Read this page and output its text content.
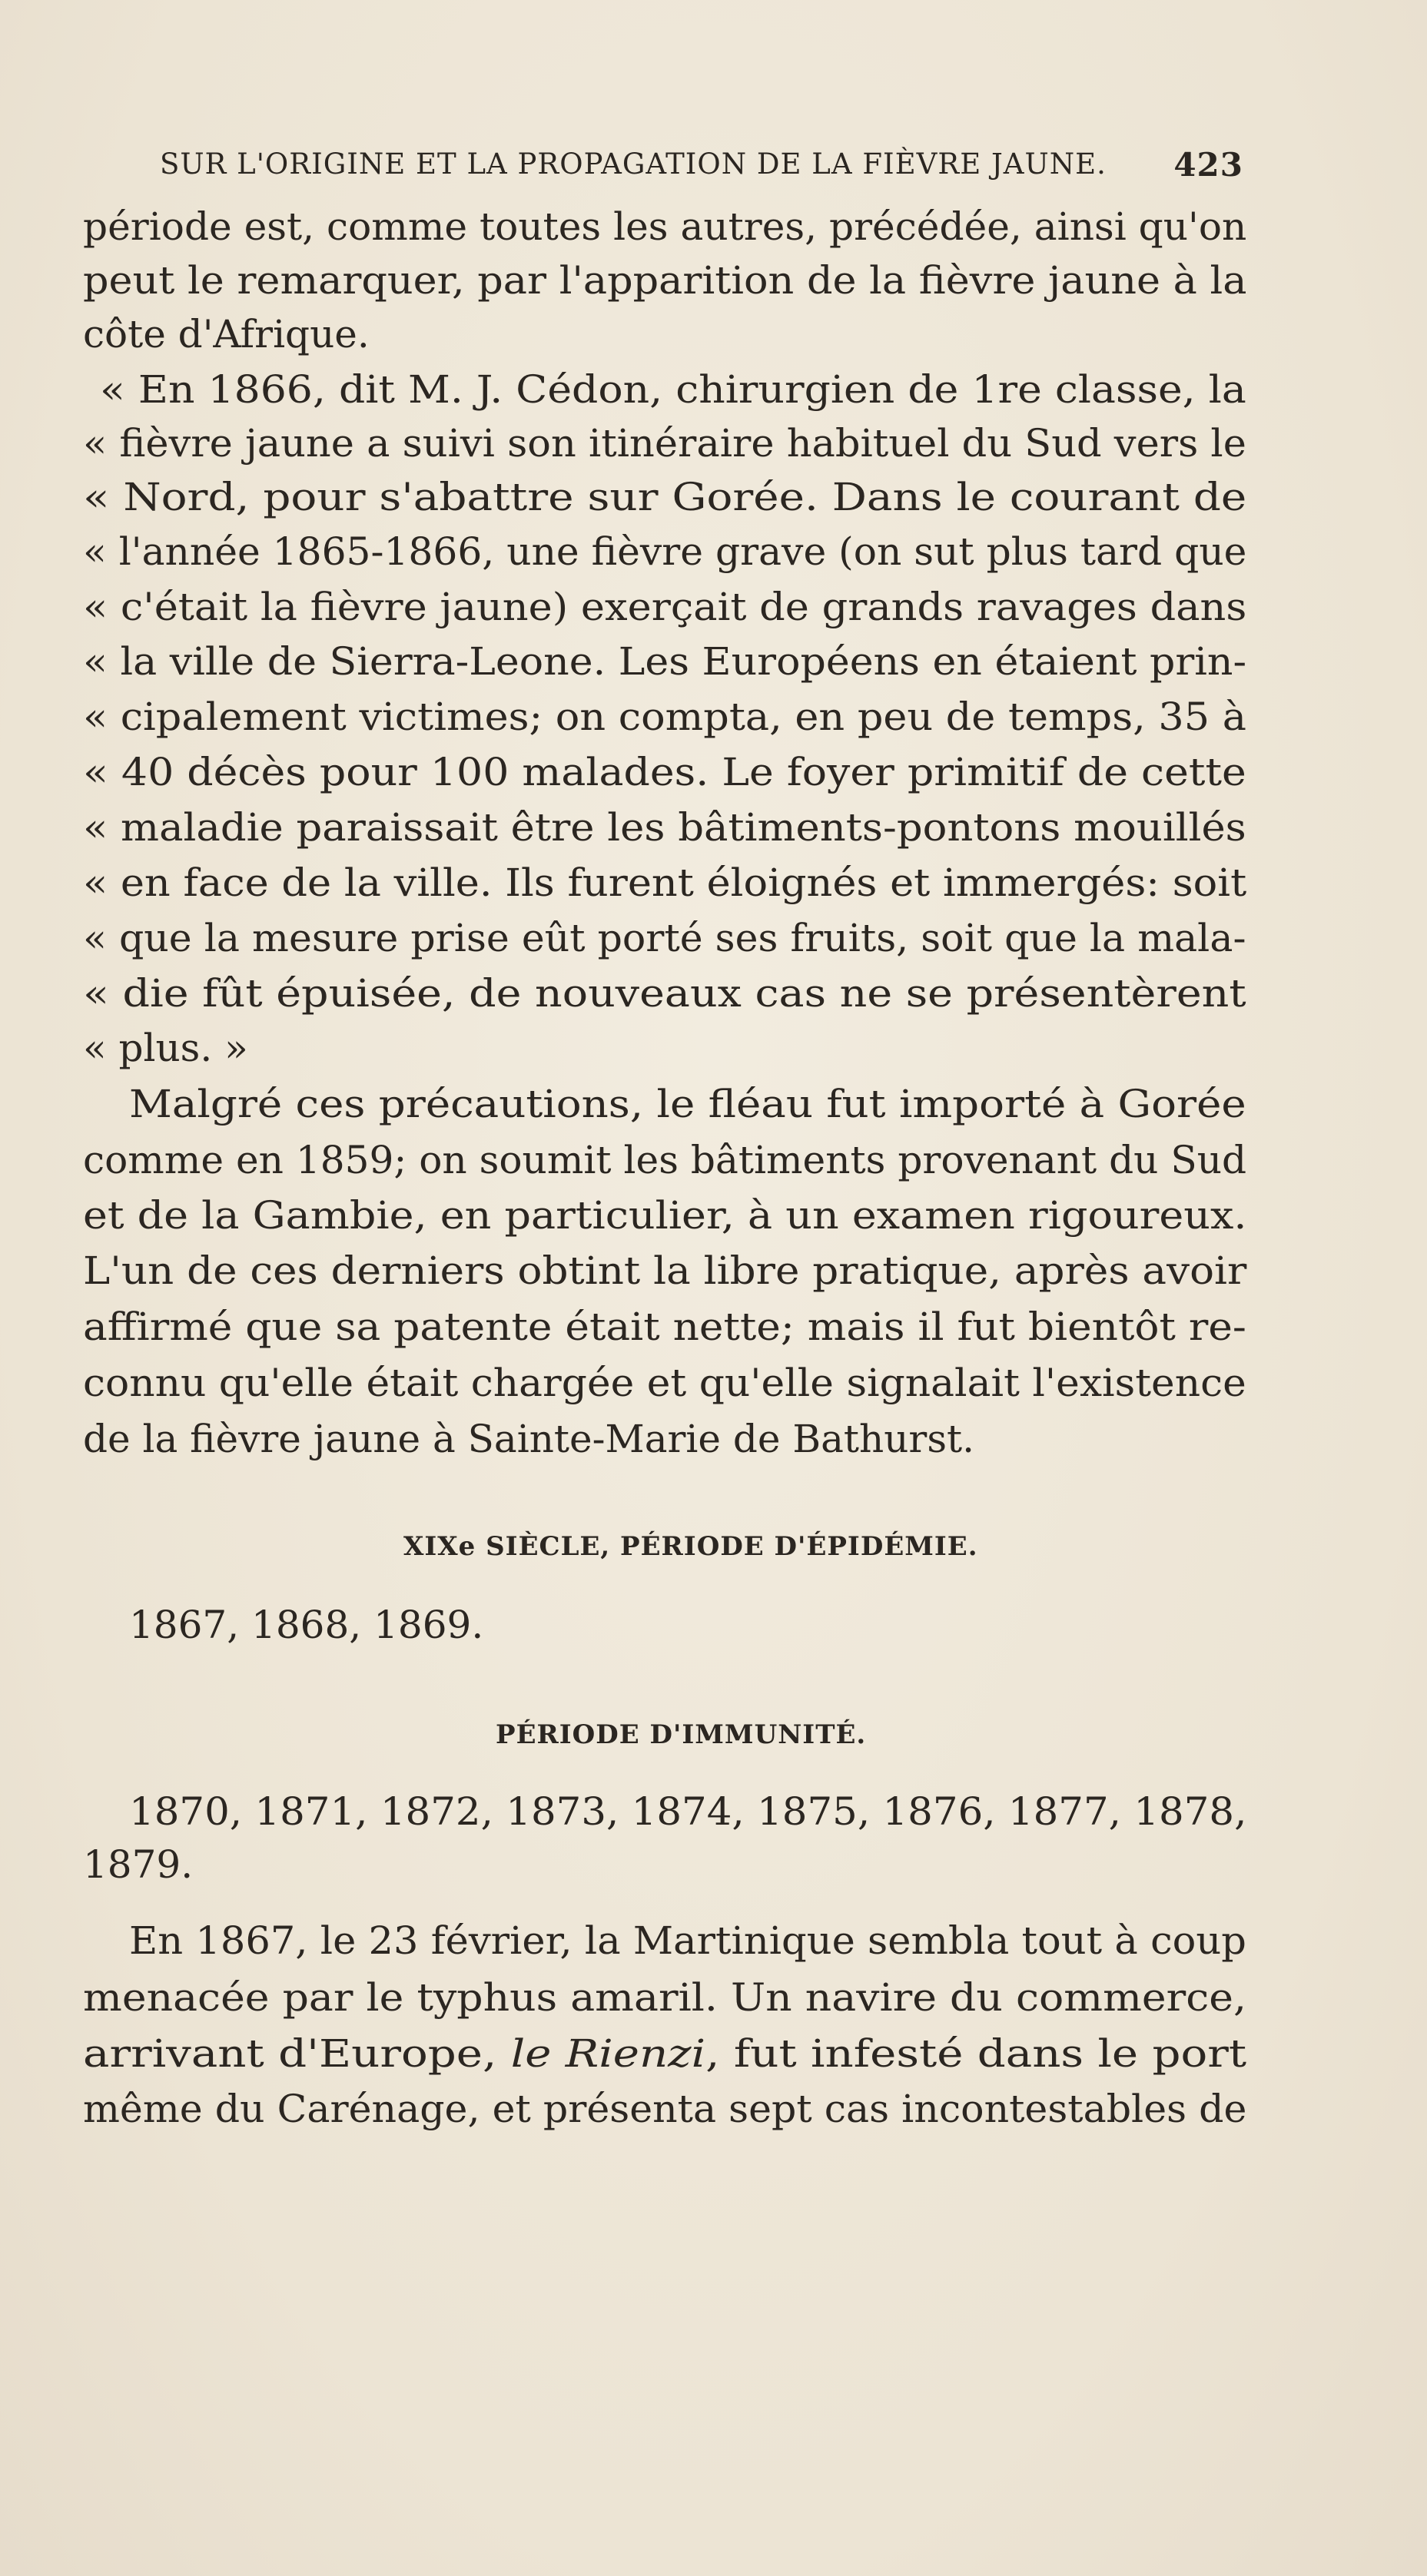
SUR L'ORIGINE ET LA PROPAGATION DE LA FIÈVRE JAUNE. 423
période est, comme toutes les autres, précédée, ainsi qu'on
peut le remarquer, par l'apparition de la fièvre jaune à la
côte d'Afrique.
« En 1866, dit M. J. Cédon, chirurgien de 1re classe, la
« fièvre jaune a suivi son itinéraire habituel du Sud vers le
« Nord, pour s'abattre sur Gorée. Dans le courant de
« l'année 1865-1866, une fièvre grave (on sut plus tard que
« c'était la fièvre jaune) exerçait de grands ravages dans
« la ville de Sierra-Leone. Les Européens en étaient prin-
« cipalement victimes; on compta, en peu de temps, 35 à
« 40 décès pour 100 malades. Le foyer primitif de cette
« maladie paraissait être les bâtiments-pontons mouillés
« en face de la ville. Ils furent éloignés et immergés: soit
« que la mesure prise eût porté ses fruits, soit que la mala-
« die fût épuisée, de nouveaux cas ne se présentèrent
« plus. »
Malgré ces précautions, le fléau fut importé à Gorée
comme en 1859; on soumit les bâtiments provenant du Sud
et de la Gambie, en particulier, à un examen rigoureux.
L'un de ces derniers obtint la libre pratique, après avoir
affirmé que sa patente était nette; mais il fut bientôt re-
connu qu'elle était chargée et qu'elle signalait l'existence
de la fièvre jaune à Sainte-Marie de Bathurst.
XIXe SIÈCLE, PÉRIODE D'ÉPIDÉMIE.
1867, 1868, 1869.
PÉRIODE D'IMMUNITÉ.
1870, 1871, 1872, 1873, 1874, 1875, 1876, 1877, 1878,
1879.
En 1867, le 23 février, la Martinique sembla tout à coup
menacée par le typhus amaril. Un navire du commerce,
arrivant d'Europe, le Rienzi, fut infesté dans le port
même du Carénage, et présenta sept cas incontestables de
